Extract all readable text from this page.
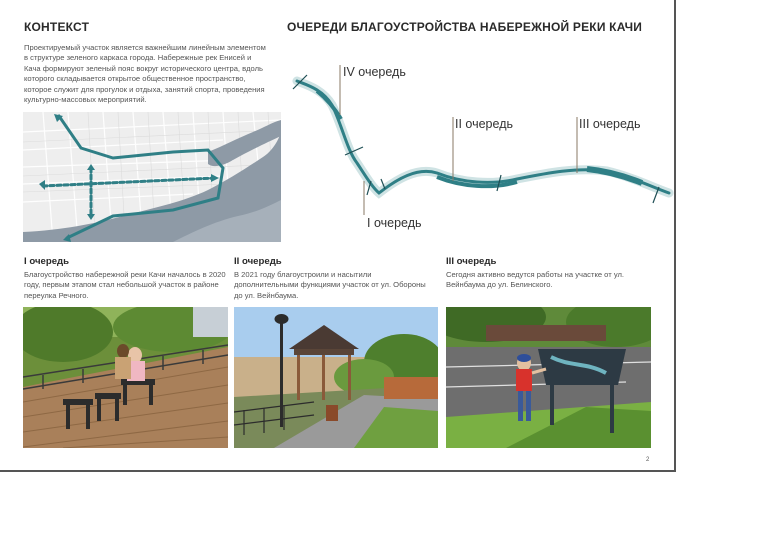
КОНТЕКСТ
Проектируемый участок является важнейшим линейным элементом в структуре зеленого каркаса города. Набережные рек Енисей и Кача формируют зеленый пояс вокруг исторического центра, вдоль которого складывается открытое общественное пространство, которое служит для прогулок и отдыха, занятий спорта, проведения культурно-массовых мероприятий.
ОЧЕРЕДИ БЛАГОУСТРОЙСТВА НАБЕРЕЖНОЙ РЕКИ КАЧИ
IV очередь
II очередь	III очередь
I очередь
I очередь
Благоустройство набережной реки Качи началось в 2020 году, первым этапом стал небольшой участок в районе переулка Речного.
II очередь
В 2021 году благоустроили и насытили дополнительными функциями участок от ул. Обороны до ул. Вейнбаума.
III очередь
Сегодня активно ведутся работы на участке от ул. Вейнбаума до ул. Белинского.
2
